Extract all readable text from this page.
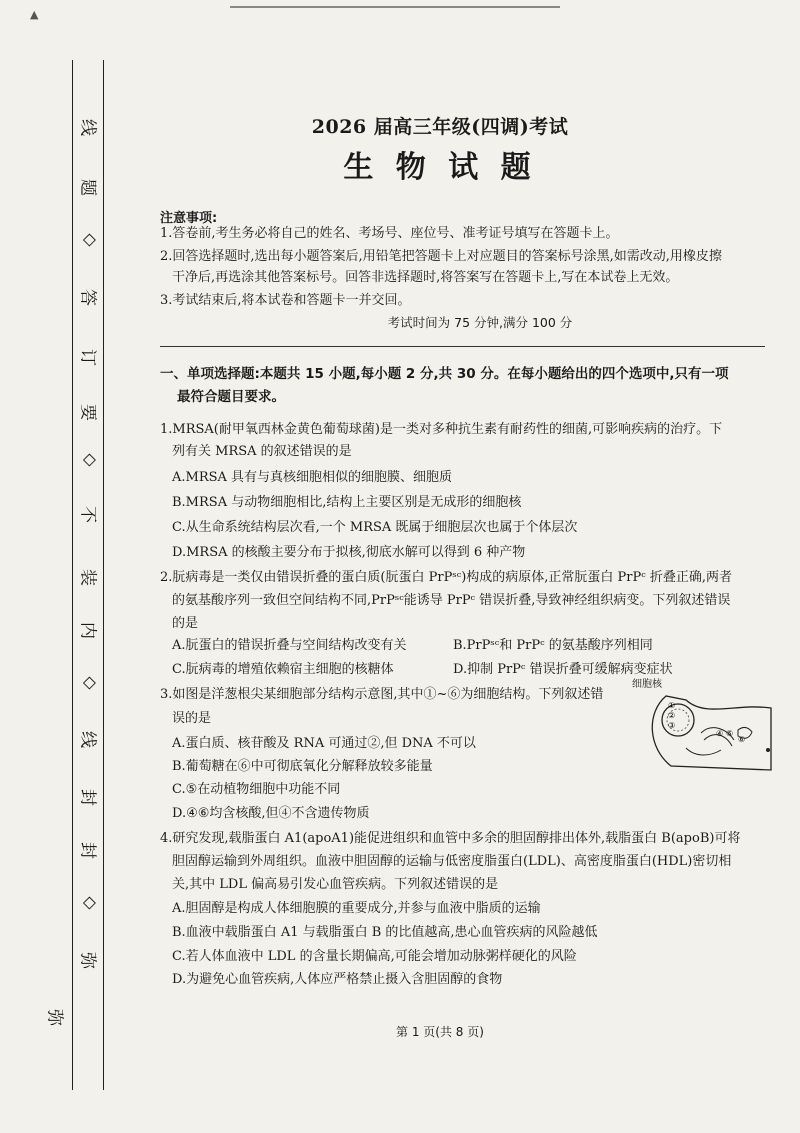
▲
线
题
◇
答
订
要
◇
不
装
内
◇
线
封
封
◇
弥
弥
2026 届高三年级(四调)考试
生 物 试 题
注意事项:
1.答卷前,考生务必将自己的姓名、考场号、座位号、准考证号填写在答题卡上。
2.回答选择题时,选出每小题答案后,用铅笔把答题卡上对应题目的答案标号涂黑,如需改动,用橡皮擦
干净后,再选涂其他答案标号。回答非选择题时,将答案写在答题卡上,写在本试卷上无效。
3.考试结束后,将本试卷和答题卡一并交回。
考试时间为 75 分钟,满分 100 分
一、单项选择题:本题共 15 小题,每小题 2 分,共 30 分。在每小题给出的四个选项中,只有一项
最符合题目要求。
1.MRSA(耐甲氧西林金黄色葡萄球菌)是一类对多种抗生素有耐药性的细菌,可影响疾病的治疗。下
列有关 MRSA 的叙述错误的是
A.MRSA 具有与真核细胞相似的细胞膜、细胞质
B.MRSA 与动物细胞相比,结构上主要区别是无成形的细胞核
C.从生命系统结构层次看,一个 MRSA 既属于细胞层次也属于个体层次
D.MRSA 的核酸主要分布于拟核,彻底水解可以得到 6 种产物
2.朊病毒是一类仅由错误折叠的蛋白质(朊蛋白 PrPˢᶜ)构成的病原体,正常朊蛋白 PrPᶜ 折叠正确,两者
的氨基酸序列一致但空间结构不同,PrPˢᶜ能诱导 PrPᶜ 错误折叠,导致神经组织病变。下列叙述错误
的是
A.朊蛋白的错误折叠与空间结构改变有关	B.PrPˢᶜ和 PrPᶜ 的氨基酸序列相同
C.朊病毒的增殖依赖宿主细胞的核糖体	D.抑制 PrPᶜ 错误折叠可缓解病变症状
3.如图是洋葱根尖某细胞部分结构示意图,其中①~⑥为细胞结构。下列叙述错
误的是
A.蛋白质、核苷酸及 RNA 可通过②,但 DNA 不可以
B.葡萄糖在⑥中可彻底氧化分解释放较多能量
C.⑤在动植物细胞中功能不同
D.④⑥均含核酸,但④不含遗传物质
细胞核
①
②
③
④ ⑤
⑥
4.研究发现,载脂蛋白 A1(apoA1)能促进组织和血管中多余的胆固醇排出体外,载脂蛋白 B(apoB)可将
胆固醇运输到外周组织。血液中胆固醇的运输与低密度脂蛋白(LDL)、高密度脂蛋白(HDL)密切相
关,其中 LDL 偏高易引发心血管疾病。下列叙述错误的是
A.胆固醇是构成人体细胞膜的重要成分,并参与血液中脂质的运输
B.血液中载脂蛋白 A1 与载脂蛋白 B 的比值越高,患心血管疾病的风险越低
C.若人体血液中 LDL 的含量长期偏高,可能会增加动脉粥样硬化的风险
D.为避免心血管疾病,人体应严格禁止摄入含胆固醇的食物
第 1 页(共 8 页)
